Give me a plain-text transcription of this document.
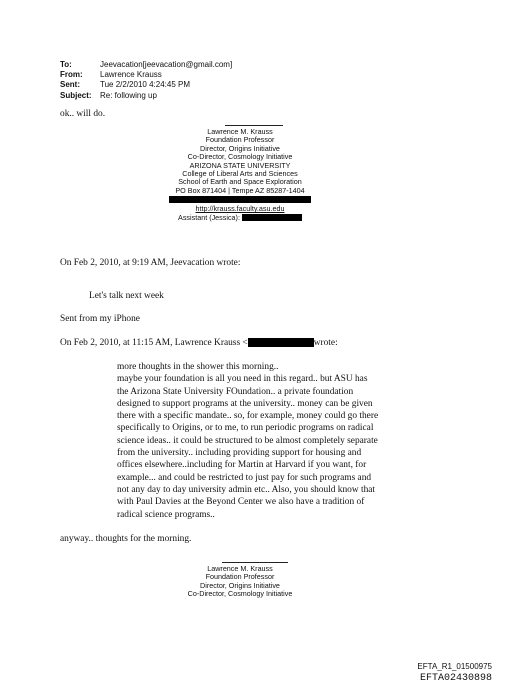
To:	Jeevacation[jeevacation@gmail.com]
From:	Lawrence Krauss
Sent:	Tue 2/2/2010 4:24:45 PM
Subject:	Re: following up
ok.. will do.
Lawrence M. Krauss
Foundation Professor
Director, Origins Initiative
Co-Director, Cosmology Initiative
ARIZONA STATE UNIVERSITY
College of Liberal Arts and Sciences
School of Earth and Space Exploration
PO Box 871404 | Tempe AZ 85287-1404
http://krauss.faculty.asu.edu
Assistant (Jessica):
On Feb 2, 2010, at 9:19 AM, Jeevacation wrote:
Let's talk next week
Sent from my iPhone
On Feb 2, 2010, at 11:15 AM, Lawrence Krauss <	wrote:
more thoughts in the shower this morning..
maybe your foundation is all you need in this regard.. but ASU has
the Arizona State University FOundation.. a private foundation
designed to support programs at the university.. money can be given
there with a specific mandate.. so, for example, money could go there
specifically to Origins, or to me, to run periodic programs on radical
science ideas.. it could be structured to be almost completely separate
from the university.. including providing support for housing and
offices elsewhere..including for Martin at Harvard if you want, for
example... and could be restricted to just pay for such programs and
not any day to day university admin etc.. Also, you should know that
with Paul Davies at the Beyond Center we also have a tradition of
radical science programs..
anyway.. thoughts for the morning.
Lawrence M. Krauss
Foundation Professor
Director, Origins Initiative
Co-Director, Cosmology Initiative
EFTA_R1_01500975
EFTA02430898
